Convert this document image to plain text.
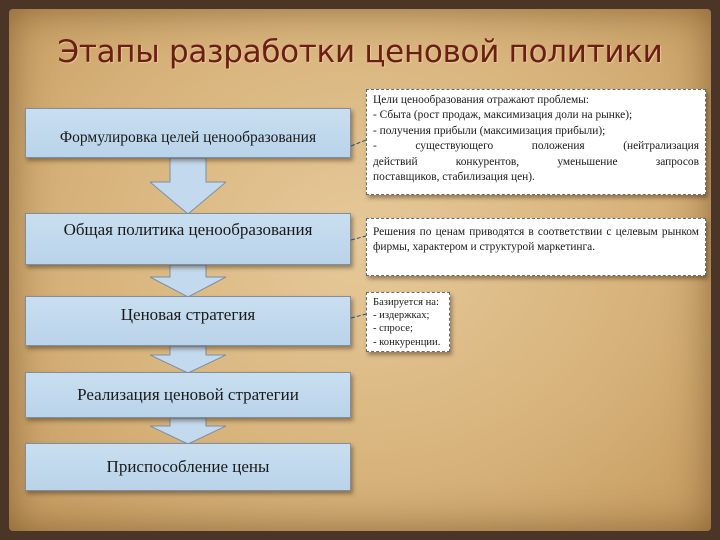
Этапы разработки ценовой политики
Формулировка целей ценообразования
Общая политика ценообразования
Ценовая стратегия
Реализация ценовой стратегии
Приспособление цены
Цели ценообразования отражают проблемы:
- Сбыта (рост продаж, максимизация доли на рынке);
- получения прибыли (максимизация прибыли);
- существующего положения (нейтрализация
действий конкурентов, уменьшение запросов
поставщиков, стабилизация цен).
Решения по ценам приводятся в соответствии с целевым рынком фирмы, характером и структурой маркетинга.
Базируется на:
- издержках;
- спросе;
- конкуренции.
